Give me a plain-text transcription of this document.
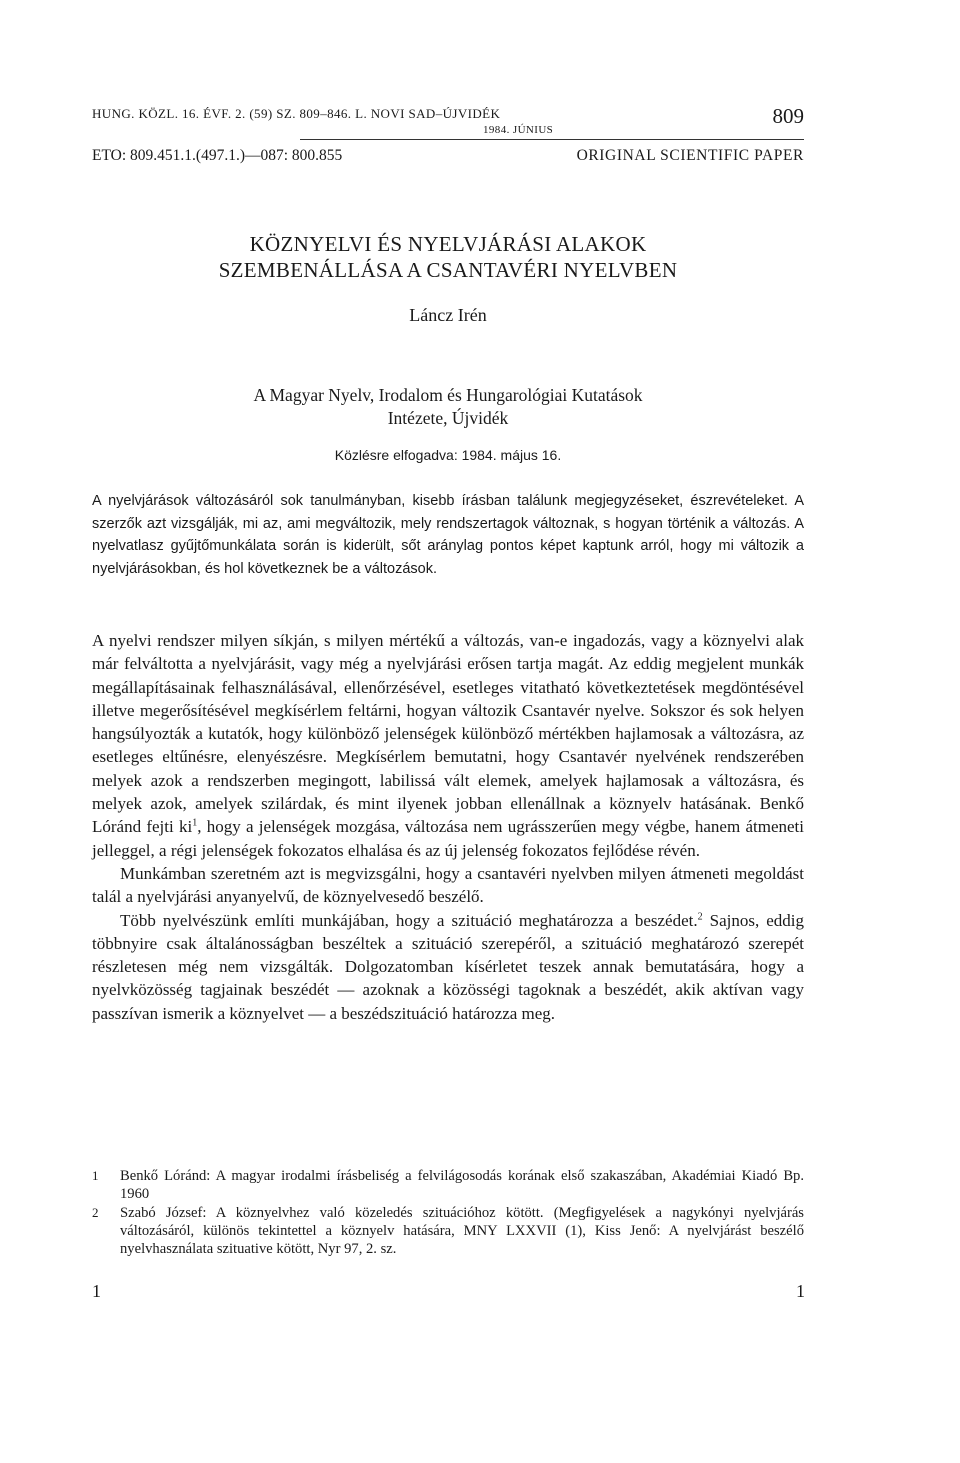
HUNG. KÖZL. 16. ÉVF. 2. (59) SZ. 809–846. L. NOVI SAD–ÚJVIDÉK	809
1984. JÚNIUS
ETO: 809.451.1.(497.1.)—087: 800.855	ORIGINAL SCIENTIFIC PAPER
KÖZNYELVI ÉS NYELVJÁRÁSI ALAKOK
SZEMBENÁLLÁSA A CSANTAVÉRI NYELVBEN
Láncz Irén
A Magyar Nyelv, Irodalom és Hungarológiai Kutatások
Intézete, Újvidék
Közlésre elfogadva: 1984. május 16.
A nyelvjárások változásáról sok tanulmányban, kisebb írásban találunk megjegyzéseket, észrevételeket. A szerzők azt vizsgálják, mi az, ami megváltozik, mely rendszertagok változnak, s hogyan történik a változás. A nyelvatlasz gyűjtőmunkálata során is kiderült, sőt aránylag pontos képet kaptunk arról, hogy mi változik a nyelvjárásokban, és hol következnek be a változások.

A nyelvi rendszer milyen síkján, s milyen mértékű a változás, van-e ingadozás, vagy a köznyelvi alak már felváltotta a nyelvjárásit, vagy még a nyelvjárási erősen tartja magát. Az eddig megjelent munkák megállapításainak felhasználásával, ellenőrzésével, esetleges vitatható következtetések megdöntésével illetve megerősítésével megkísérlem feltárni, hogyan változik Csantavér nyelve. Sokszor és sok helyen hangsúlyozták a kutatók, hogy különböző jelenségek különböző mértékben hajlamosak a változásra, az esetleges eltűnésre, elenyészésre. Megkísérlem bemutatni, hogy Csantavér nyelvének rendszerében melyek azok a rendszerben megingott, labilissá vált elemek, amelyek hajlamosak a változásra, és melyek azok, amelyek szilárdak, és mint ilyenek jobban ellenállnak a köznyelv hatásának. Benkő Lóránd fejti $ki^1$, hogy a jelenségek mozgása, változása nem ugrásszerűen megy végbe, hanem átmeneti jelleggel, a régi jelenségek fokozatos elhalása és az új jelenség fokozatos fejlődése révén.

Munkámban szeretném azt is megvizsgálni, hogy a csantavéri nyelvben milyen átmeneti megoldást talál a nyelvjárási anyanyelvű, de köznyelvesedő beszélő.

Több nyelvészünk említi munkájában, hogy a szituáció meghatározza a beszédet.$^2$ Sajnos, eddig többnyire csak általánosságban beszéltek a szituáció szerepéről, a szituáció meghatározó szerepét részletesen még nem vizsgálták. Dolgozatomban kísérletet teszek annak bemutatására, hogy a nyelvközösség tagjainak beszédét — azoknak a közösségi tagoknak a beszédét, akik aktívan vagy passzívan ismerik a köznyelvet — a beszédszituáció határozza meg.

1 Benkő Lóránd: A magyar irodalmi írásbeliség a felvilágosodás korának első szakaszában, Akadémiai Kiadó Bp. 1960
2 Szabó József: A köznyelvhez való közeledés szituációhoz kötött. (Megfigyelések a nagykónyi nyelvjárás változásáról, különös tekintettel a köznyelv hatására, MNY LXXVII (1), Kiss Jenő: A nyelvjárást beszélő nyelvhasználata szituative kötött, Nyr 97, 2. sz.
1	1
